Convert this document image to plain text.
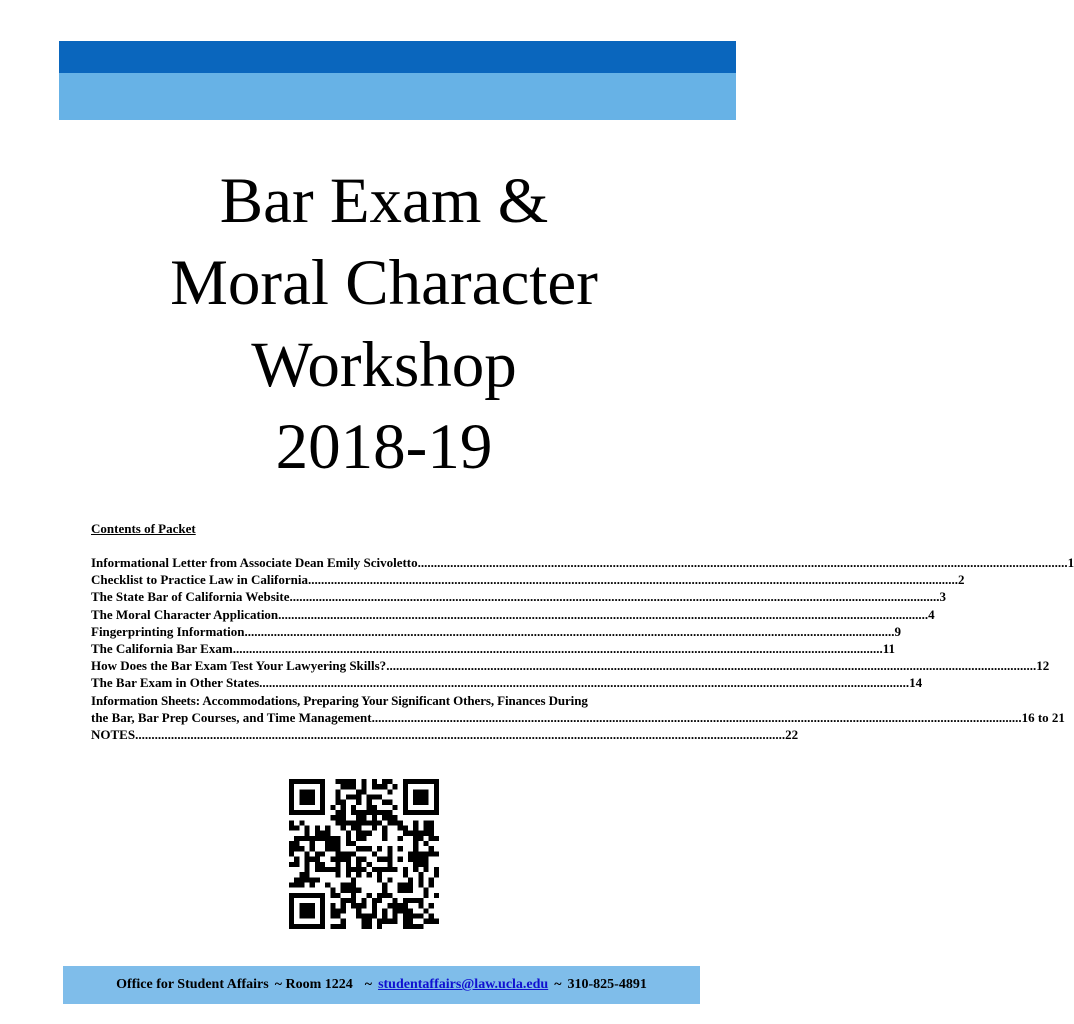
Bar Exam &
Moral Character
Workshop
2018-19
Contents of Packet
Informational Letter from Associate Dean Emily Scivoletto ........................................................................................................................................................................................................ 1
Checklist to Practice Law in California ........................................................................................................................................................................................................ 2
The State Bar of California Website ........................................................................................................................................................................................................ 3
The Moral Character Application ........................................................................................................................................................................................................ 4
Fingerprinting Information ........................................................................................................................................................................................................ 9
The California Bar Exam ........................................................................................................................................................................................................ 11
How Does the Bar Exam Test Your Lawyering Skills? ........................................................................................................................................................................................................ 12
The Bar Exam in Other States ........................................................................................................................................................................................................ 14
Information Sheets: Accommodations, Preparing Your Significant Others, Finances During
the Bar, Bar Prep Courses, and Time Management ........................................................................................................................................................................................................ 16 to 21
NOTES ........................................................................................................................................................................................................ 22
Office for Student Affairs ~ Room 1224 ~ studentaffairs@law.ucla.edu ~ 310-825-4891
